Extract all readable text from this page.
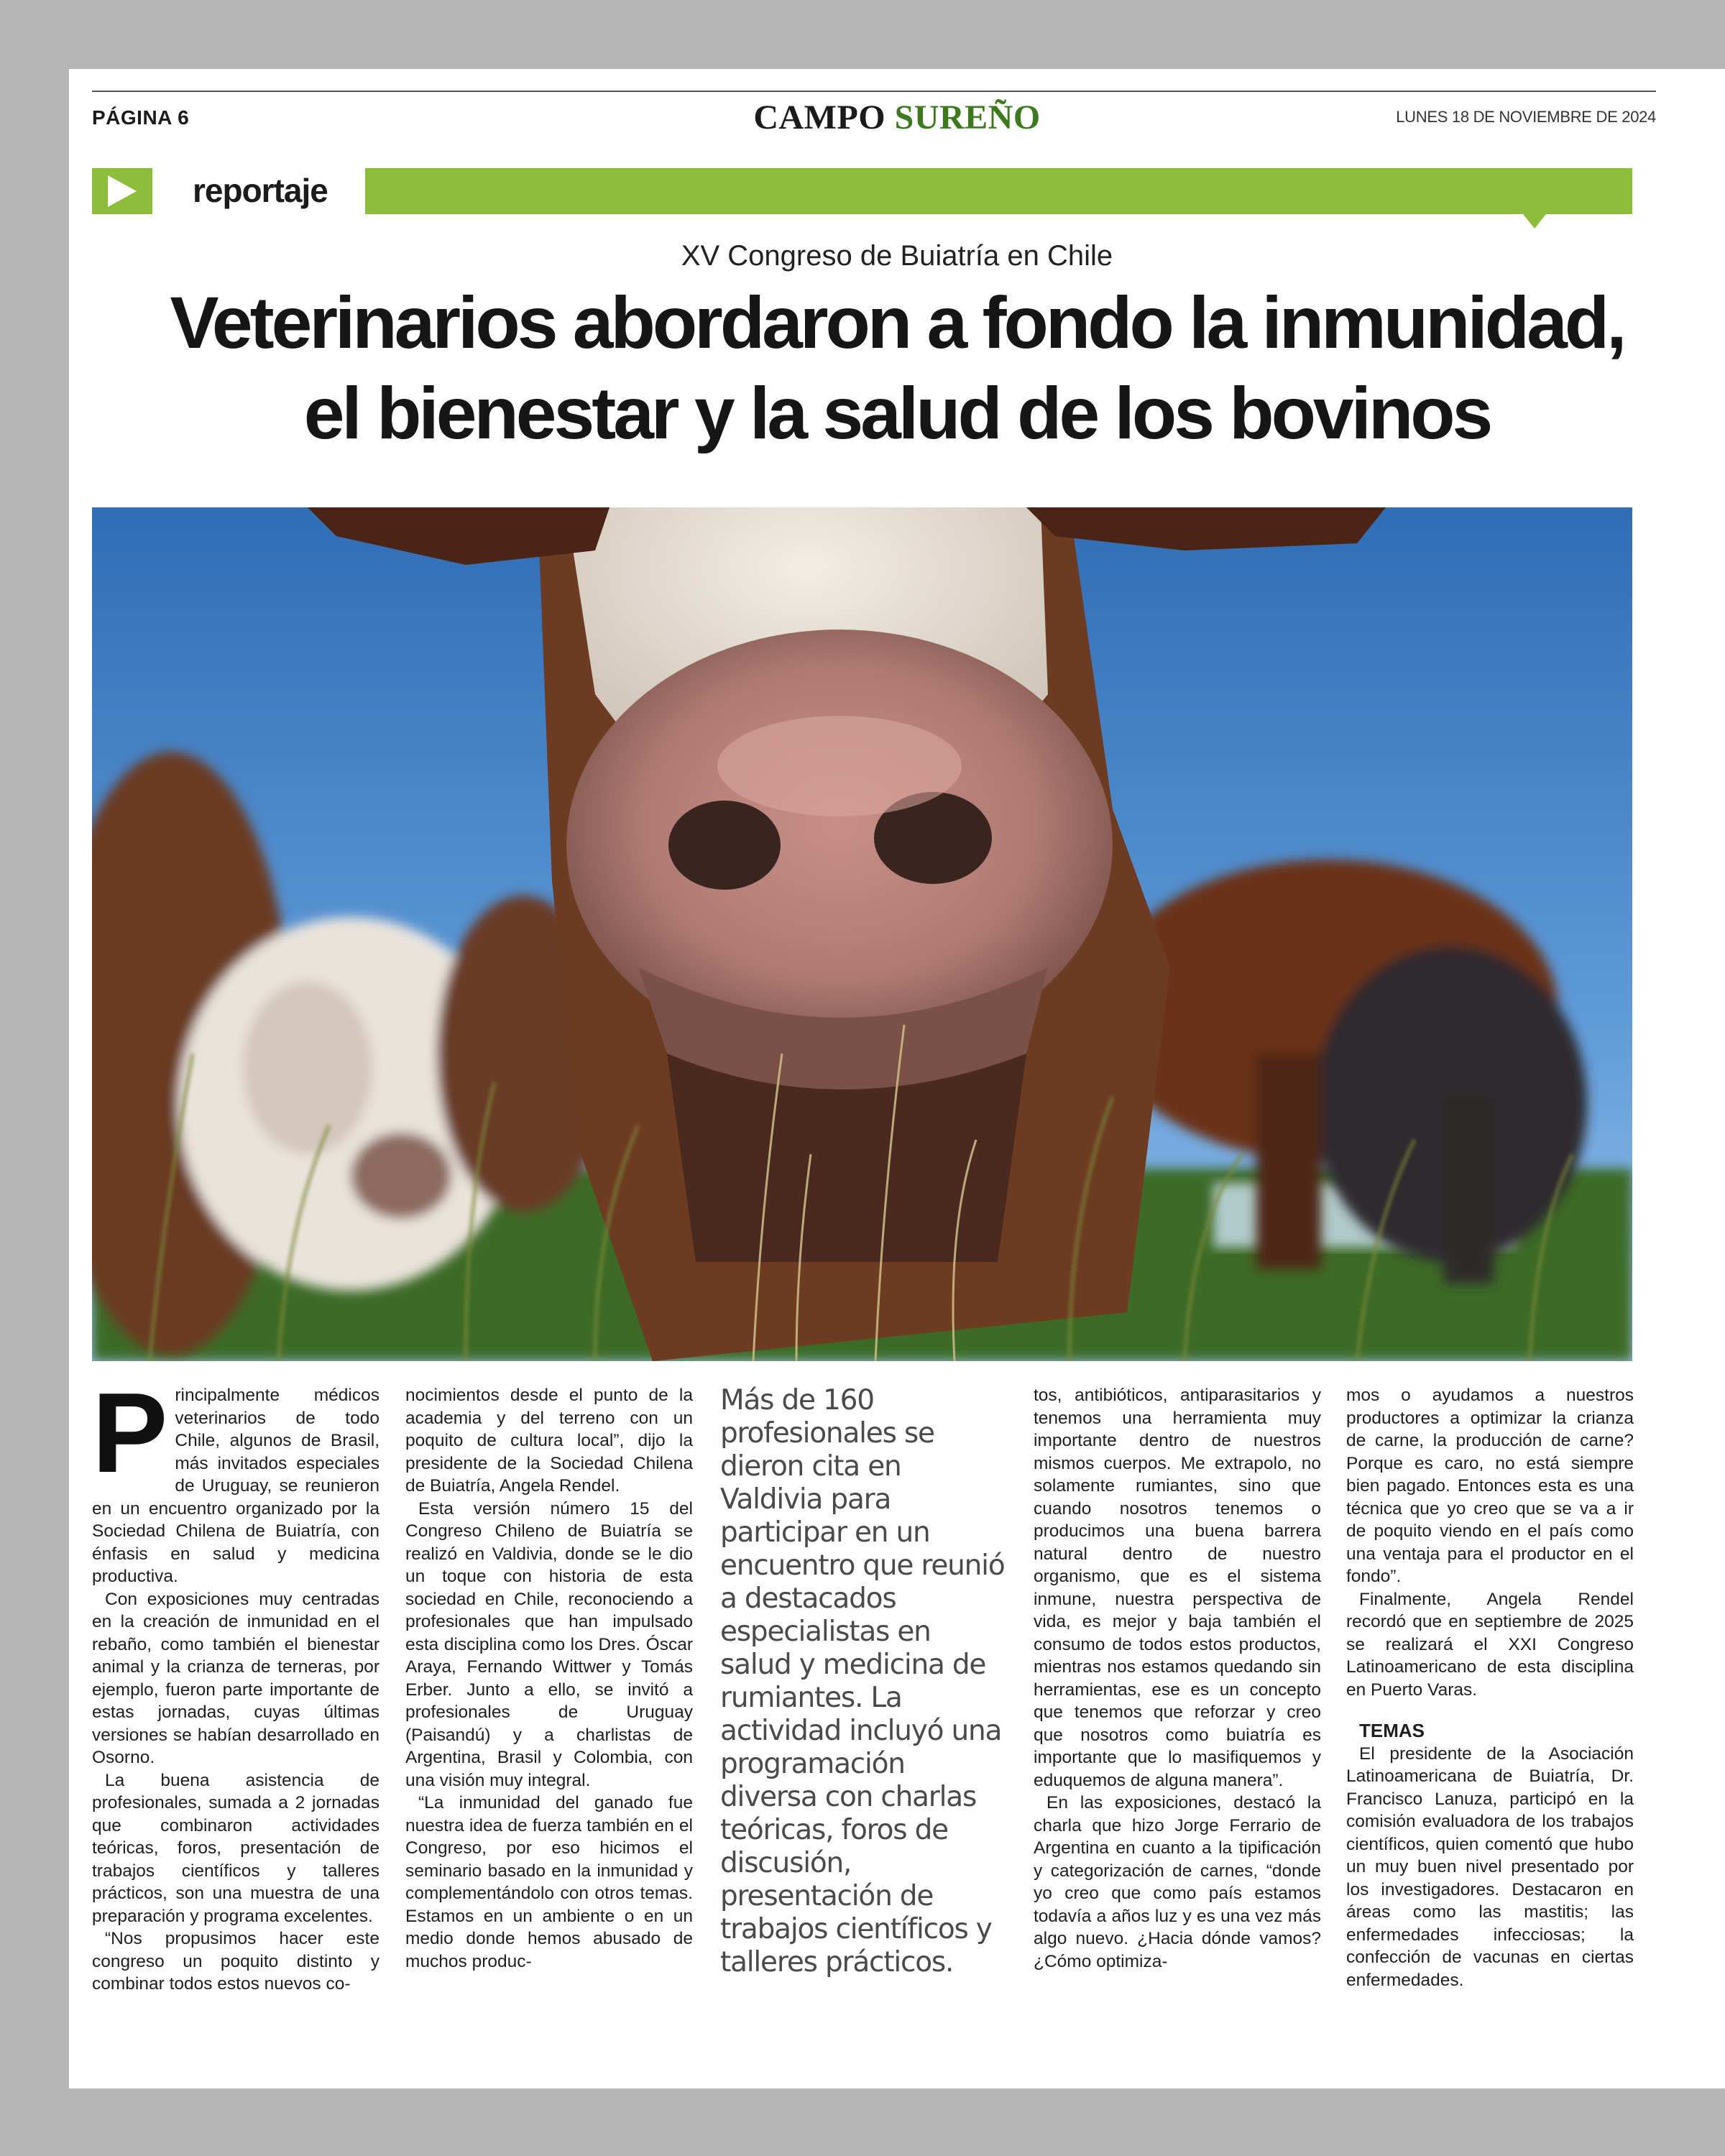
PÁGINA 6	CAMPO SUREÑO	LUNES 18 DE NOVIEMBRE DE 2024
reportaje
XV Congreso de Buiatría en Chile
Veterinarios abordaron a fondo la inmunidad,
el bienestar y la salud de los bovinos

Principalmente médicos veterinarios de todo Chile, algunos de Brasil, más invitados especiales de Uruguay, se reunieron en un encuentro organizado por la Sociedad Chilena de Buiatría, con énfasis en salud y medicina productiva.

Con exposiciones muy centradas en la creación de inmunidad en el rebaño, como también el bienestar animal y la crianza de terneras, por ejemplo, fueron parte importante de estas jornadas, cuyas últimas versiones se habían desarrollado en Osorno.

La buena asistencia de profesionales, sumada a 2 jornadas que combinaron actividades teóricas, foros, presentación de trabajos científicos y talleres prácticos, son una muestra de una preparación y programa excelentes.

“Nos propusimos hacer este congreso un poquito distinto y combinar todos estos nuevos co-

nocimientos desde el punto de la academia y del terreno con un poquito de cultura local”, dijo la presidente de la Sociedad Chilena de Buiatría, Angela Rendel.

Esta versión número 15 del Congreso Chileno de Buiatría se realizó en Valdivia, donde se le dio un toque con historia de esta sociedad en Chile, reconociendo a profesionales que han impulsado esta disciplina como los Dres. Óscar Araya, Fernando Wittwer y Tomás Erber. Junto a ello, se invitó a profesionales de Uruguay (Paisandú) y a charlistas de Argentina, Brasil y Colombia, con una visión muy integral.

“La inmunidad del ganado fue nuestra idea de fuerza también en el Congreso, por eso hicimos el seminario basado en la inmunidad y complementándolo con otros temas. Estamos en un ambiente o en un medio donde hemos abusado de muchos produc-

Más de 160 profesionales se dieron cita en Valdivia para participar en un encuentro que reunió a destacados especialistas en salud y medicina de rumiantes. La actividad incluyó una programación diversa con charlas teóricas, foros de discusión, presentación de trabajos científicos y talleres prácticos.

tos, antibióticos, antiparasitarios y tenemos una herramienta muy importante dentro de nuestros mismos cuerpos. Me extrapolo, no solamente rumiantes, sino que cuando nosotros tenemos o producimos una buena barrera natural dentro de nuestro organismo, que es el sistema inmune, nuestra perspectiva de vida, es mejor y baja también el consumo de todos estos productos, mientras nos estamos quedando sin herramientas, ese es un concepto que tenemos que reforzar y creo que nosotros como buiatría es importante que lo masifiquemos y eduquemos de alguna manera”.

En las exposiciones, destacó la charla que hizo Jorge Ferrario de Argentina en cuanto a la tipificación y categorización de carnes, “donde yo creo que como país estamos todavía a años luz y es una vez más algo nuevo. ¿Hacia dónde vamos? ¿Cómo optimiza-

mos o ayudamos a nuestros productores a optimizar la crianza de carne, la producción de carne? Porque es caro, no está siempre bien pagado. Entonces esta es una técnica que yo creo que se va a ir de poquito viendo en el país como una ventaja para el productor en el fondo”.

Finalmente, Angela Rendel recordó que en septiembre de 2025 se realizará el XXI Congreso Latinoamericano de esta disciplina en Puerto Varas.

TEMAS

El presidente de la Asociación Latinoamericana de Buiatría, Dr. Francisco Lanuza, participó en la comisión evaluadora de los trabajos científicos, quien comentó que hubo un muy buen nivel presentado por los investigadores. Destacaron en áreas como las mastitis; las enfermedades infecciosas; la confección de vacunas en ciertas enfermedades.
